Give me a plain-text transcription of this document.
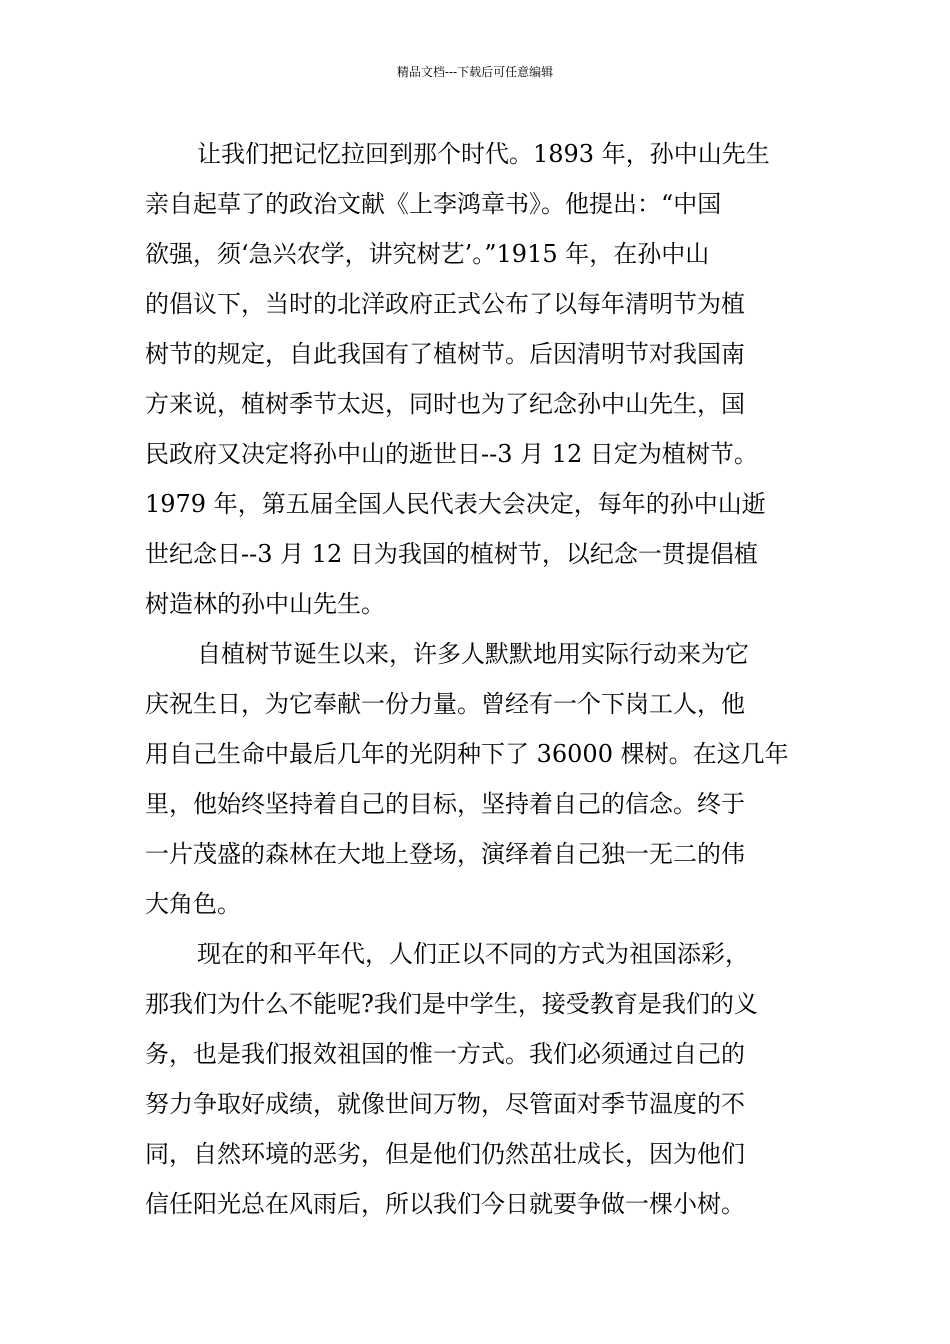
精品文档---下载后可任意编辑
让我们把记忆拉回到那个时代。1893 年，孙中山先生
亲自起草了的政治文献《上李鸿章书》。他提出：“中国
欲强，须‘急兴农学，讲究树艺’。”1915 年，在孙中山
的倡议下，当时的北洋政府正式公布了以每年清明节为植
树节的规定，自此我国有了植树节。后因清明节对我国南
方来说，植树季节太迟，同时也为了纪念孙中山先生，国
民政府又决定将孙中山的逝世日--3 月 12 日定为植树节。
1979 年，第五届全国人民代表大会决定，每年的孙中山逝
世纪念日--3 月 12 日为我国的植树节，以纪念一贯提倡植
树造林的孙中山先生。
自植树节诞生以来，许多人默默地用实际行动来为它
庆祝生日，为它奉献一份力量。曾经有一个下岗工人，他
用自己生命中最后几年的光阴种下了 36000 棵树。在这几年
里，他始终坚持着自己的目标，坚持着自己的信念。终于
一片茂盛的森林在大地上登场，演绎着自己独一无二的伟
大角色。
现在的和平年代，人们正以不同的方式为祖国添彩，
那我们为什么不能呢?我们是中学生，接受教育是我们的义
务，也是我们报效祖国的惟一方式。我们必须通过自己的
努力争取好成绩，就像世间万物，尽管面对季节温度的不
同，自然环境的恶劣，但是他们仍然茁壮成长，因为他们
信任阳光总在风雨后，所以我们今日就要争做一棵小树。
